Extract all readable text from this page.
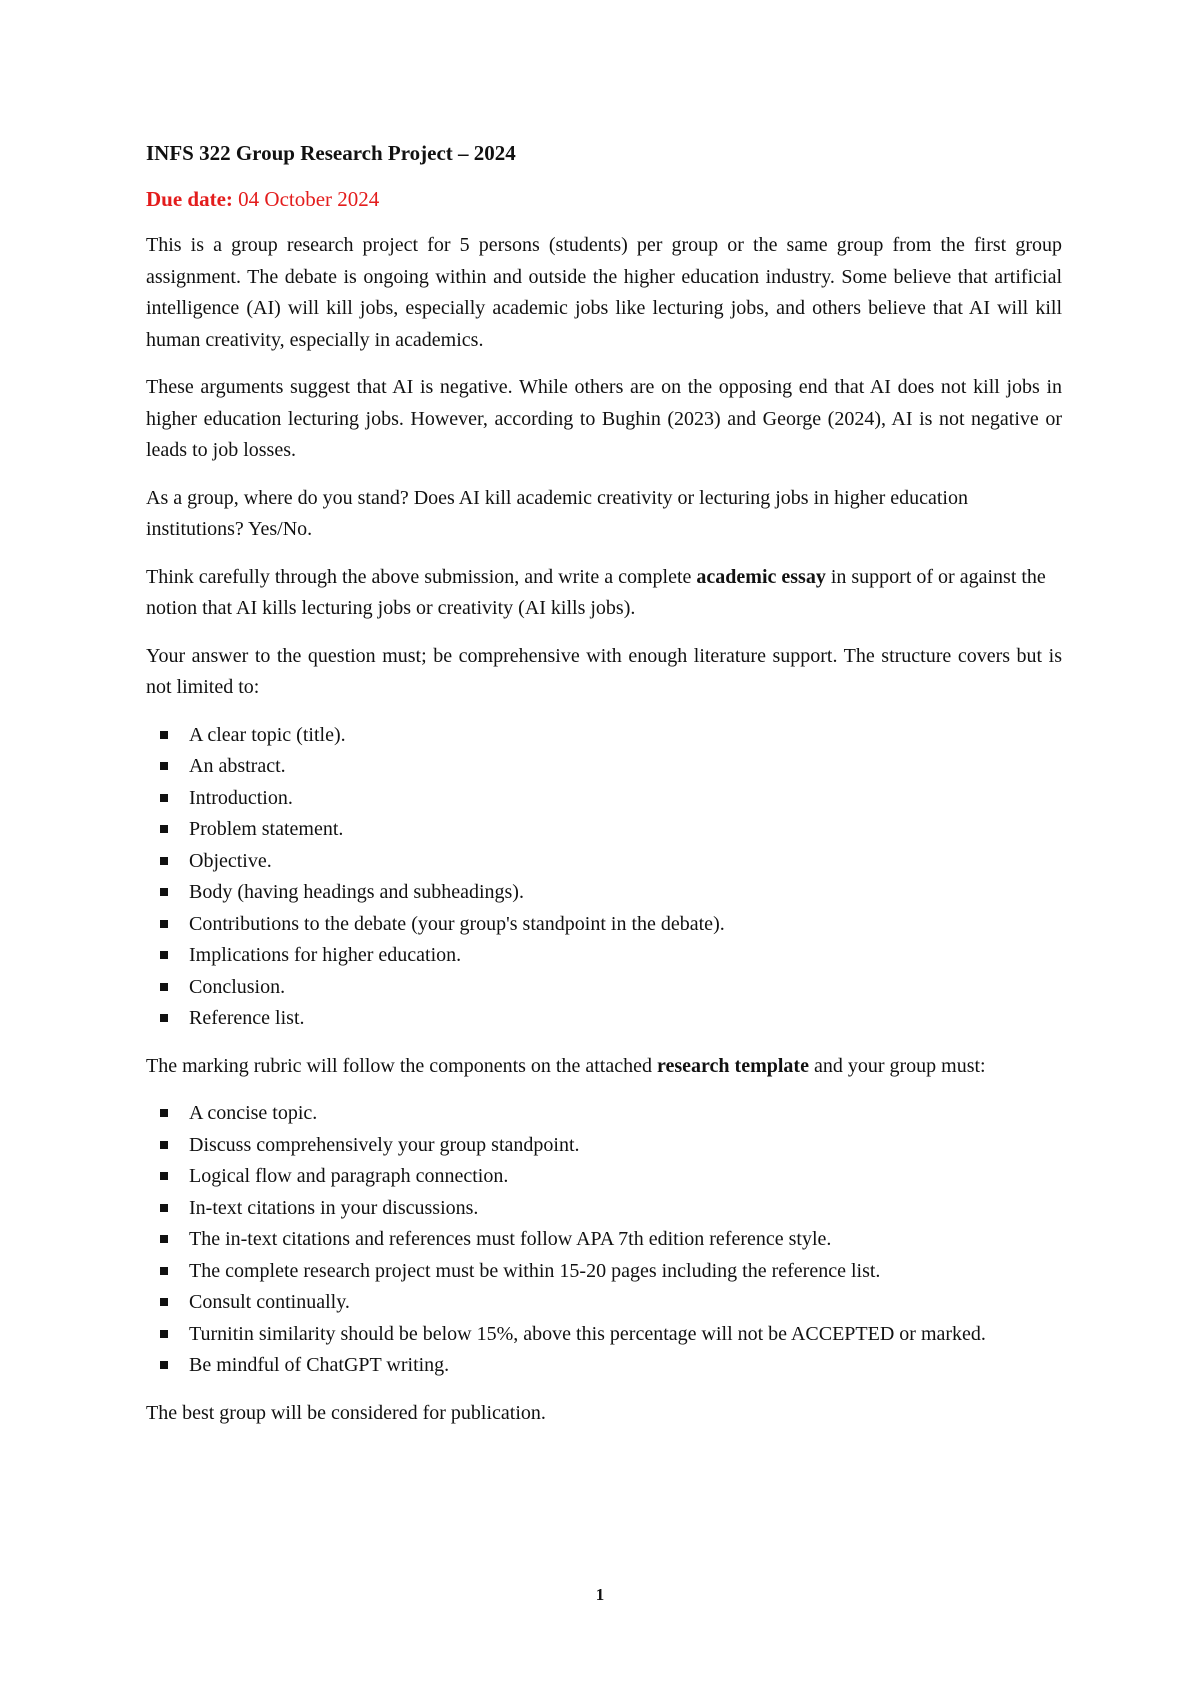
INFS 322 Group Research Project – 2024
Due date: 04 October 2024

This is a group research project for 5 persons (students) per group or the same group from the first group assignment. The debate is ongoing within and outside the higher education industry. Some believe that artificial intelligence (AI) will kill jobs, especially academic jobs like lecturing jobs, and others believe that AI will kill human creativity, especially in academics.

These arguments suggest that AI is negative. While others are on the opposing end that AI does not kill jobs in higher education lecturing jobs. However, according to Bughin (2023) and George (2024), AI is not negative or leads to job losses.

As a group, where do you stand? Does AI kill academic creativity or lecturing jobs in higher education institutions? Yes/No.

Think carefully through the above submission, and write a complete academic essay in support of or against the notion that AI kills lecturing jobs or creativity (AI kills jobs).

Your answer to the question must; be comprehensive with enough literature support. The structure covers but is not limited to:

A clear topic (title).
An abstract.
Introduction.
Problem statement.
Objective.
Body (having headings and subheadings).
Contributions to the debate (your group's standpoint in the debate).
Implications for higher education.
Conclusion.
Reference list.

The marking rubric will follow the components on the attached research template and your group must:

A concise topic.
Discuss comprehensively your group standpoint.
Logical flow and paragraph connection.
In-text citations in your discussions.
The in-text citations and references must follow APA 7th edition reference style.
The complete research project must be within 15-20 pages including the reference list.
Consult continually.
Turnitin similarity should be below 15%, above this percentage will not be ACCEPTED or marked.
Be mindful of ChatGPT writing.

The best group will be considered for publication.

1
